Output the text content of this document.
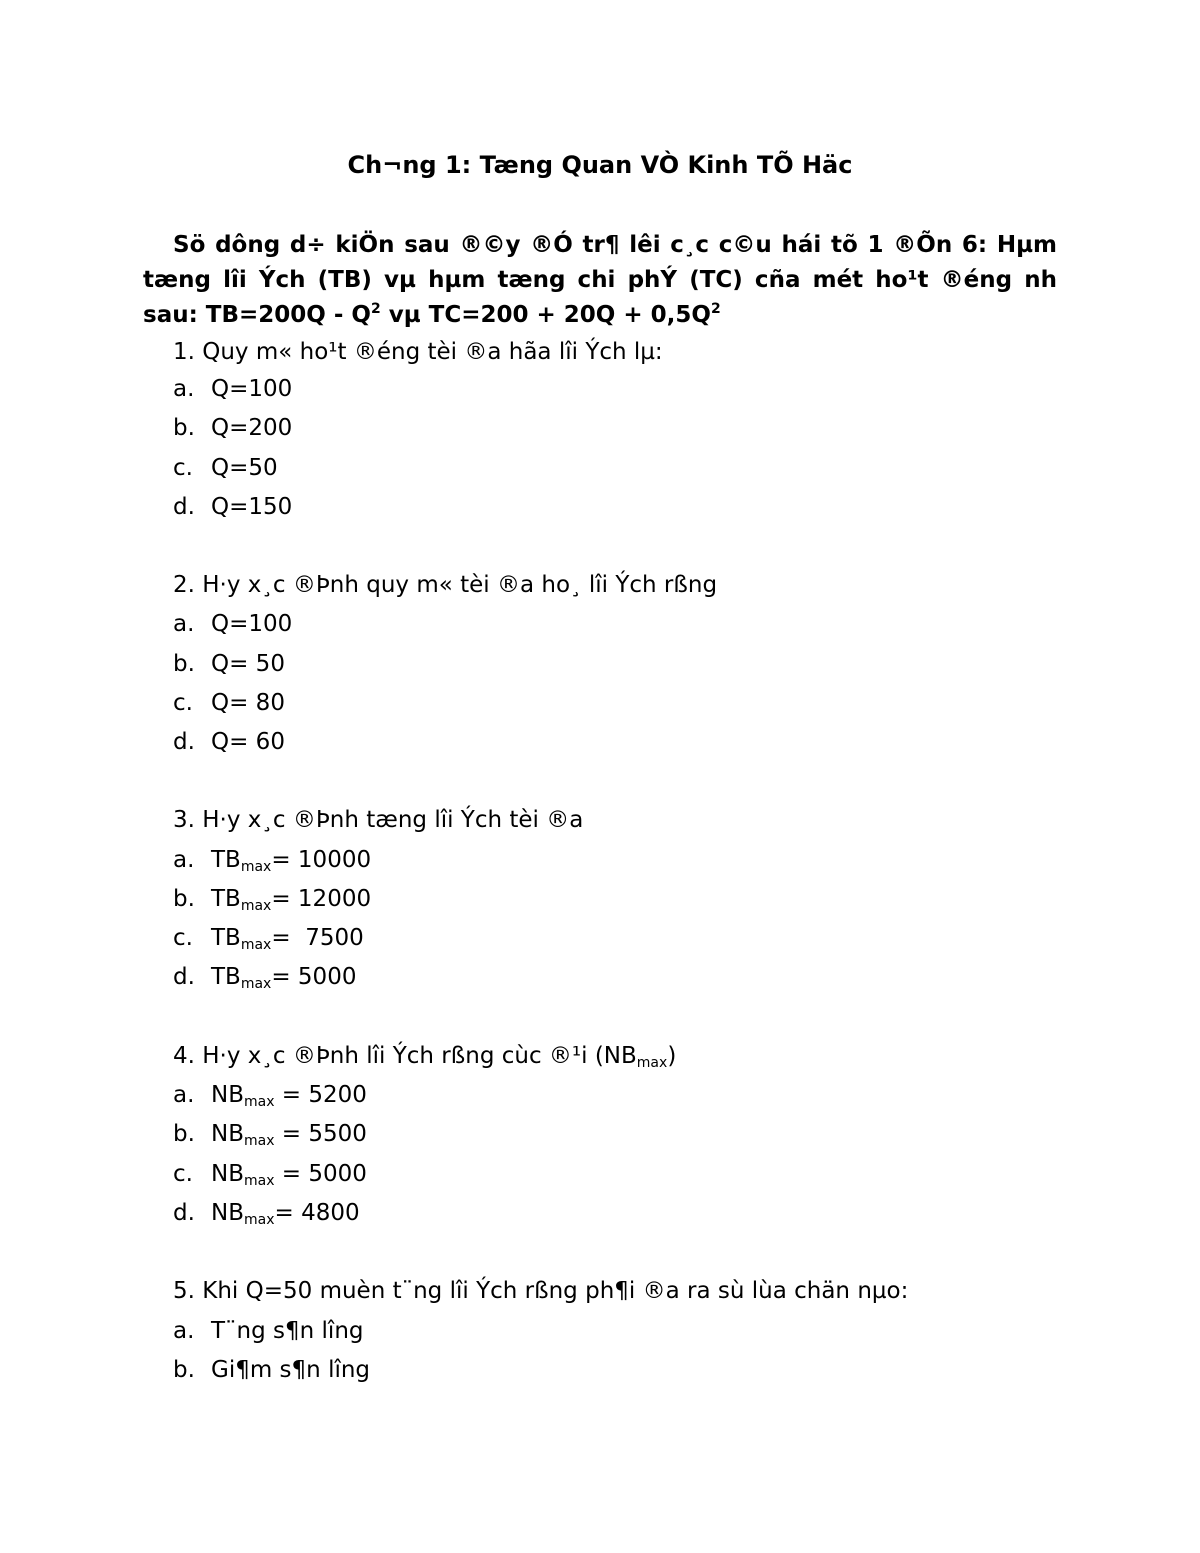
Ch¬ng 1: Tæng Quan VÒ Kinh TÕ Häc
Sö dông d÷ kiÖn sau ®©y ®Ó tr¶ lêi c¸c c©u hái tõ 1 ®Õn 6: Hµm tæng lîi Ých (TB) vµ hµm tæng chi phÝ (TC) cña mét ho¹t ®éng nh sau: $TB=200Q - Q^2$ vµ $TC=200 + 20Q + 0,5Q^2$
1. Quy m« ho¹t ®éng tèi ®a hãa lîi Ých lµ:
a. Q=100
b. Q=200
c. Q=50
d. Q=150
2. H·y x¸c ®Þnh quy m« tèi ®a ho¸ lîi Ých rßng
a. Q=100
b. Q= 50
c. Q= 80
d. Q= 60
3. H·y x¸c ®Þnh tæng lîi Ých tèi ®a
a. $TB_{max}= 10000$
b. $TB_{max}= 12000$
c. $TB_{max}= 7500$
d. $TB_{max}= 5000$
4. H·y x¸c ®Þnh lîi Ých rßng cùc ®¹i $(NB_{max})$
a. $NB_{max} = 5200$
b. $NB_{max} = 5500$
c. $NB_{max} = 5000$
d. $NB_{max}= 4800$
5. Khi Q=50 muèn t¨ng lîi Ých rßng ph¶i ®a ra sù lùa chän nµo:
a. T¨ng s¶n lîng
b. Gi¶m s¶n lîng
